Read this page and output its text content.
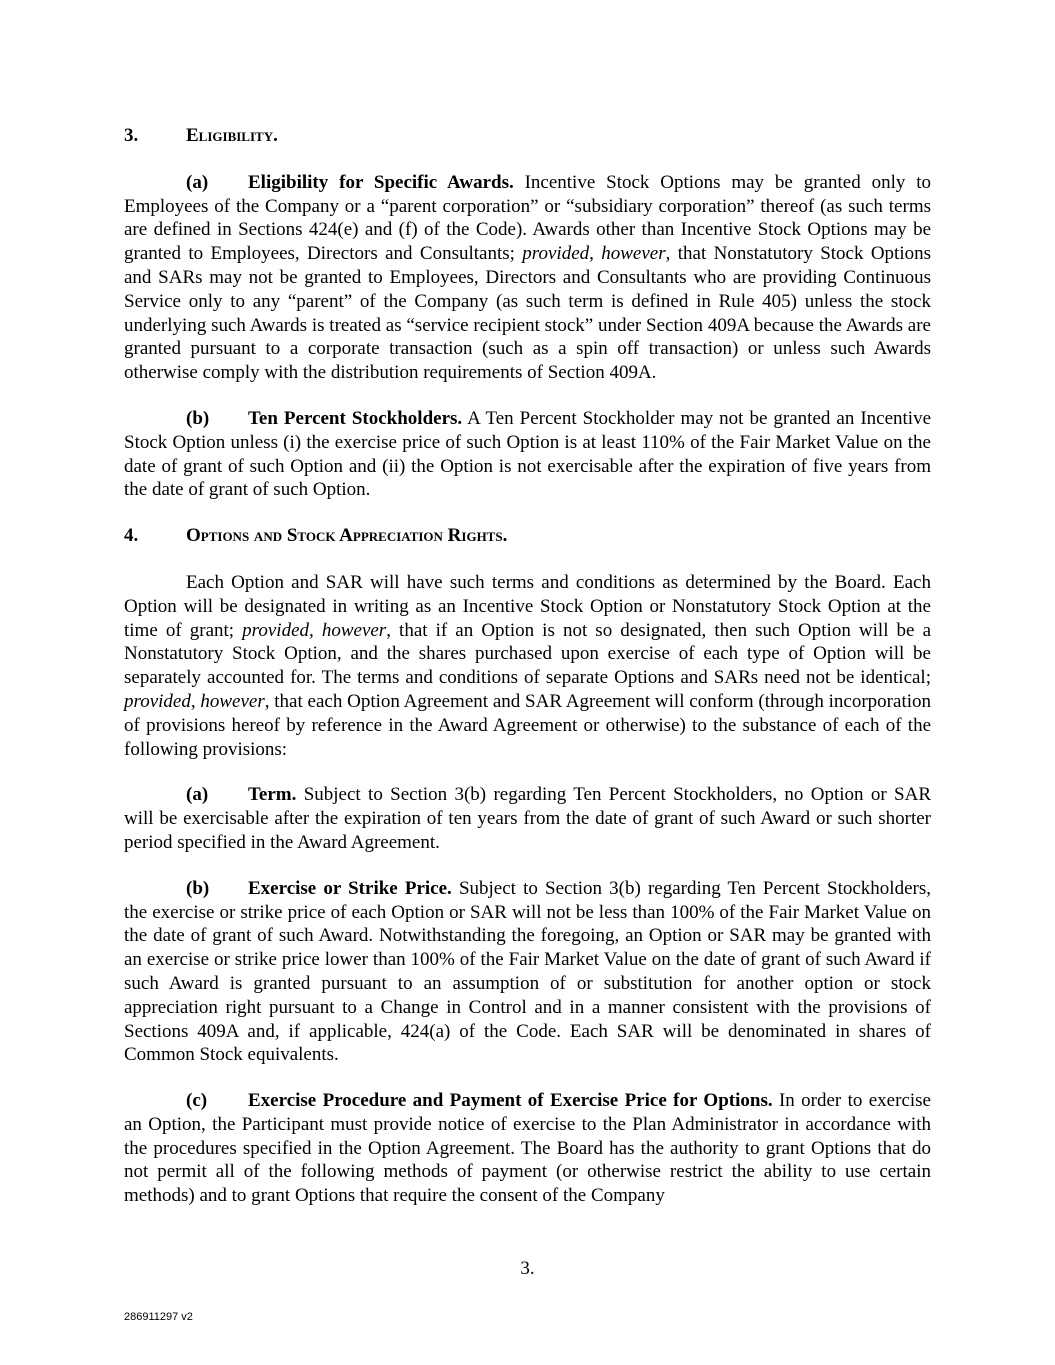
3.	Eligibility.

(a) Eligibility for Specific Awards. Incentive Stock Options may be granted only to Employees of the Company or a “parent corporation” or “subsidiary corporation” thereof (as such terms are defined in Sections 424(e) and (f) of the Code). Awards other than Incentive Stock Options may be granted to Employees, Directors and Consultants; provided, however, that Nonstatutory Stock Options and SARs may not be granted to Employees, Directors and Consultants who are providing Continuous Service only to any “parent” of the Company (as such term is defined in Rule 405) unless the stock underlying such Awards is treated as “service recipient stock” under Section 409A because the Awards are granted pursuant to a corporate transaction (such as a spin off transaction) or unless such Awards otherwise comply with the distribution requirements of Section 409A.

(b) Ten Percent Stockholders. A Ten Percent Stockholder may not be granted an Incentive Stock Option unless (i) the exercise price of such Option is at least 110% of the Fair Market Value on the date of grant of such Option and (ii) the Option is not exercisable after the expiration of five years from the date of grant of such Option.

4.	Options and Stock Appreciation Rights.

Each Option and SAR will have such terms and conditions as determined by the Board. Each Option will be designated in writing as an Incentive Stock Option or Nonstatutory Stock Option at the time of grant; provided, however, that if an Option is not so designated, then such Option will be a Nonstatutory Stock Option, and the shares purchased upon exercise of each type of Option will be separately accounted for. The terms and conditions of separate Options and SARs need not be identical; provided, however, that each Option Agreement and SAR Agreement will conform (through incorporation of provisions hereof by reference in the Award Agreement or otherwise) to the substance of each of the following provisions:

(a) Term. Subject to Section 3(b) regarding Ten Percent Stockholders, no Option or SAR will be exercisable after the expiration of ten years from the date of grant of such Award or such shorter period specified in the Award Agreement.

(b) Exercise or Strike Price. Subject to Section 3(b) regarding Ten Percent Stockholders, the exercise or strike price of each Option or SAR will not be less than 100% of the Fair Market Value on the date of grant of such Award. Notwithstanding the foregoing, an Option or SAR may be granted with an exercise or strike price lower than 100% of the Fair Market Value on the date of grant of such Award if such Award is granted pursuant to an assumption of or substitution for another option or stock appreciation right pursuant to a Change in Control and in a manner consistent with the provisions of Sections 409A and, if applicable, 424(a) of the Code. Each SAR will be denominated in shares of Common Stock equivalents.

(c) Exercise Procedure and Payment of Exercise Price for Options. In order to exercise an Option, the Participant must provide notice of exercise to the Plan Administrator in accordance with the procedures specified in the Option Agreement. The Board has the authority to grant Options that do not permit all of the following methods of payment (or otherwise restrict the ability to use certain methods) and to grant Options that require the consent of the Company

3.
286911297 v2
